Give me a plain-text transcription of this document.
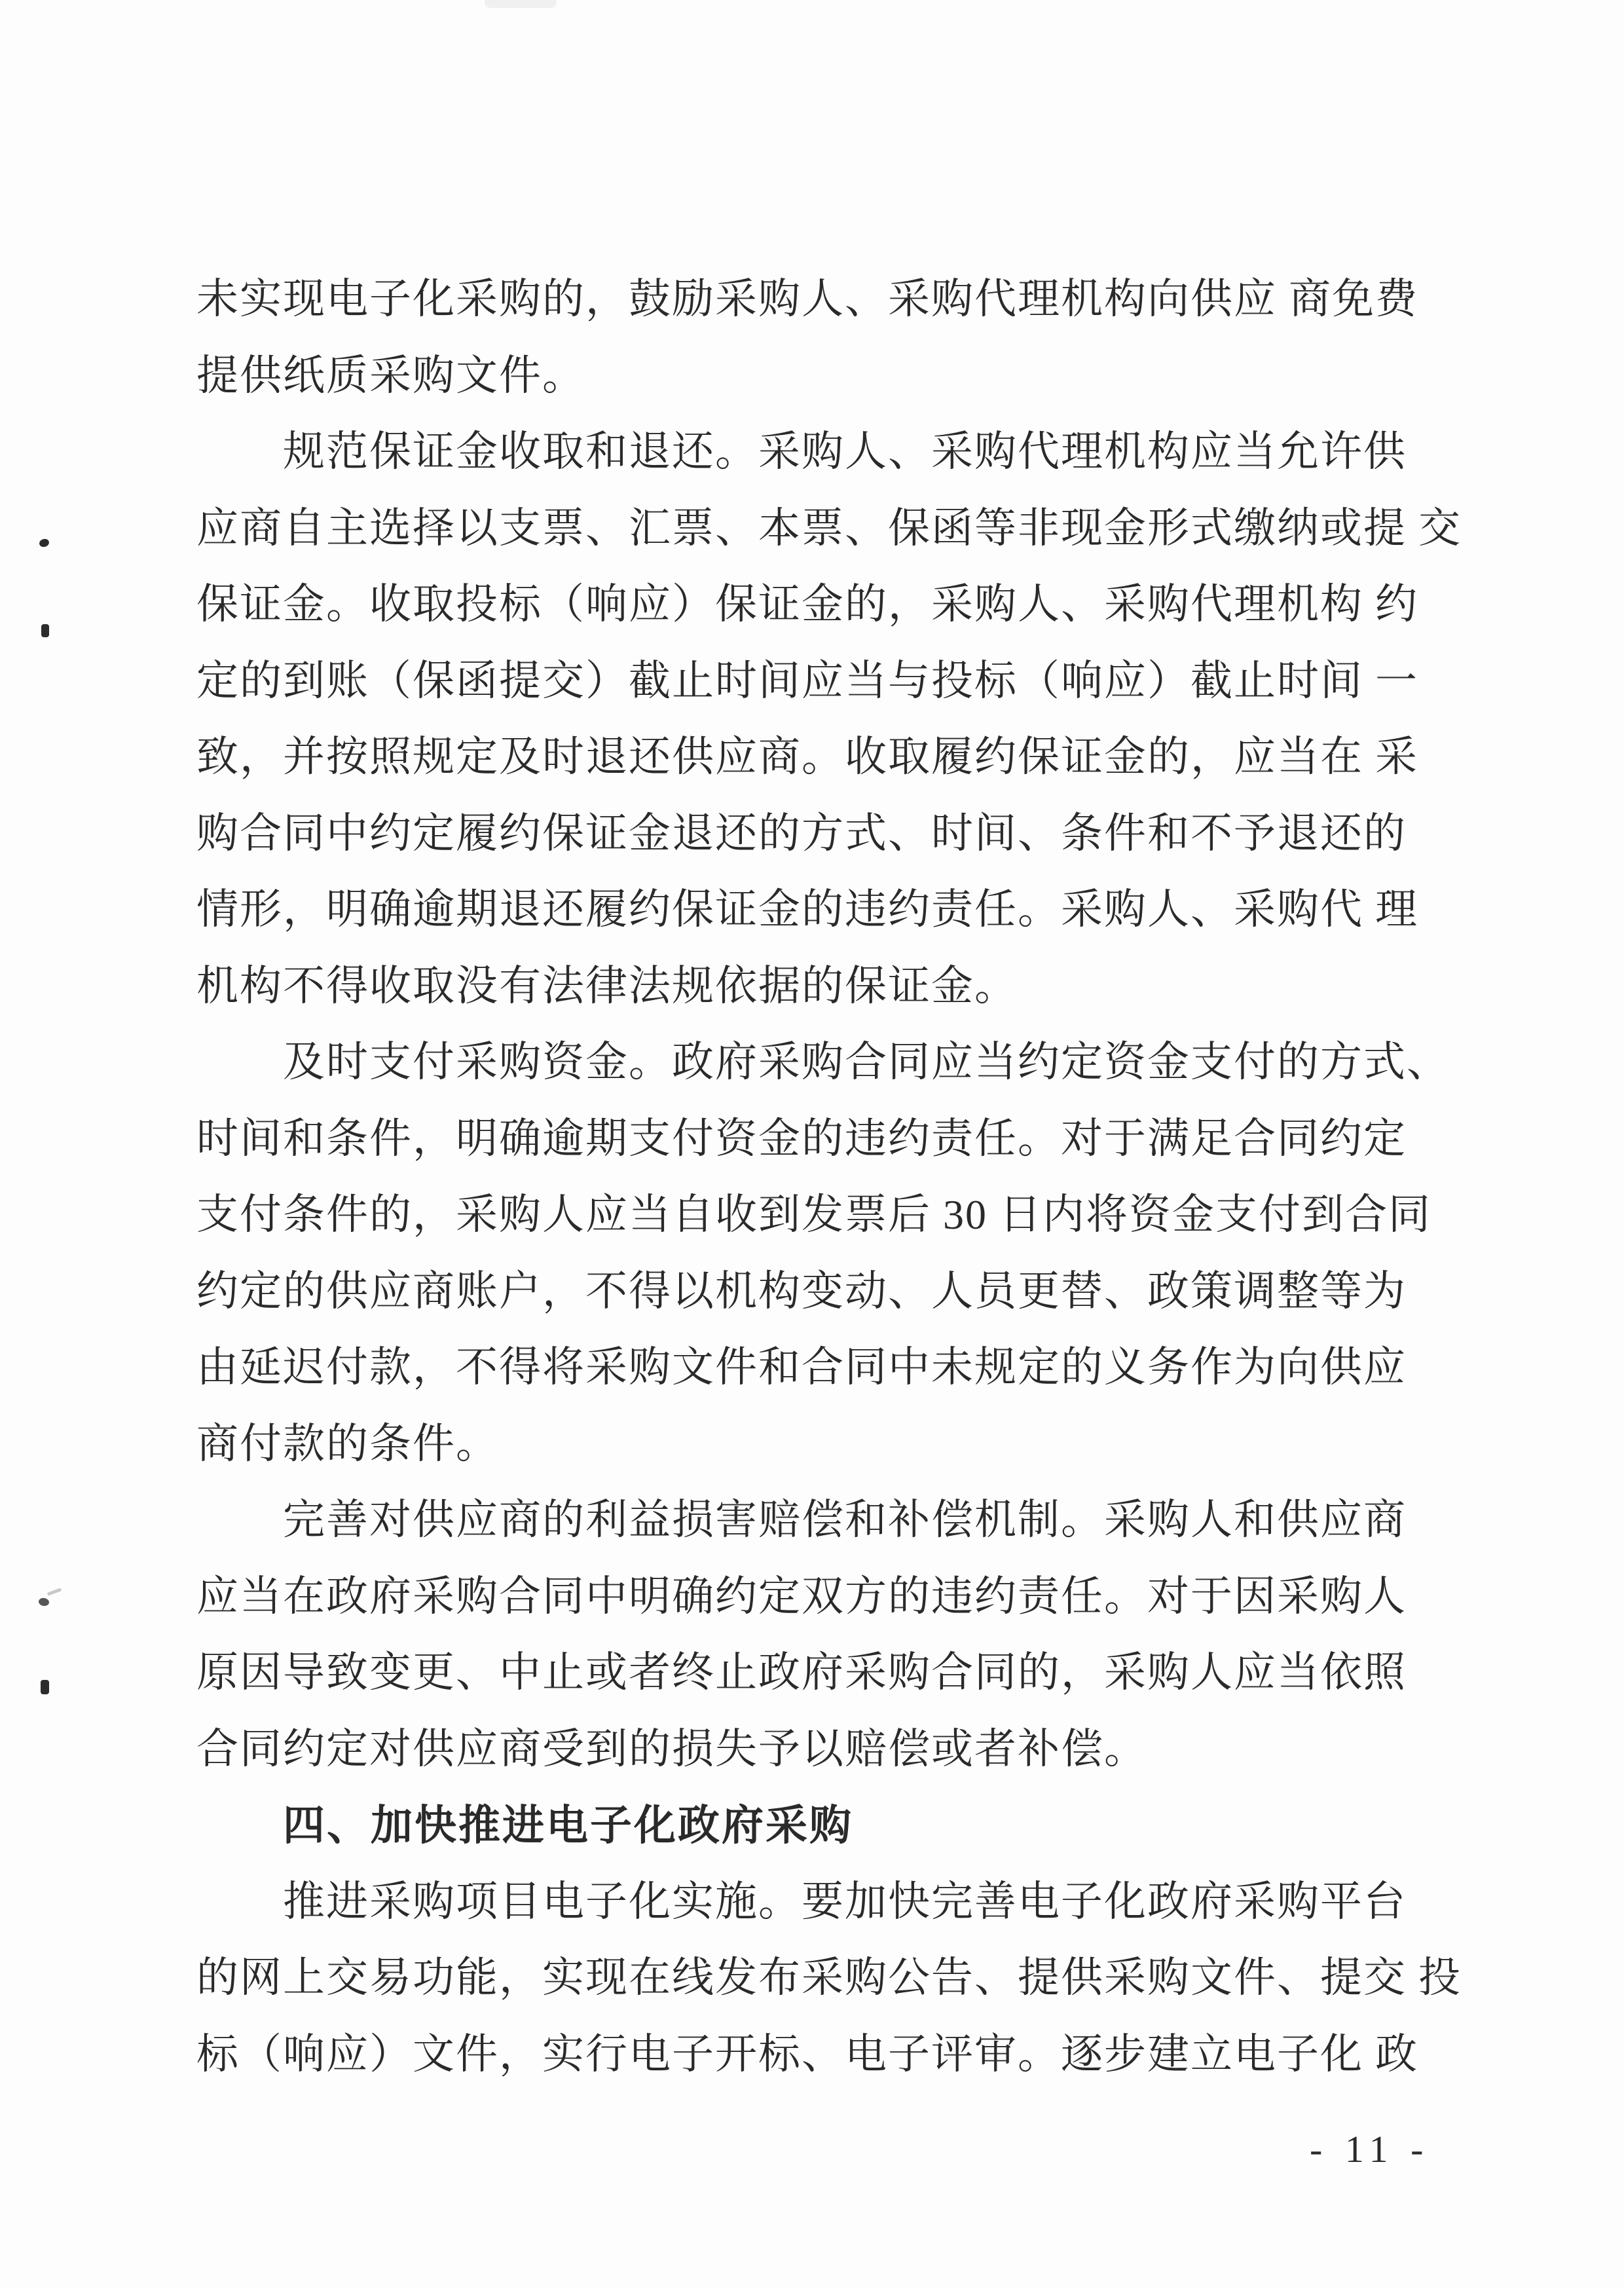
未实现电子化采购的，鼓励采购人、采购代理机构向供应 商免费
提供纸质采购文件。
规范保证金收取和退还。采购人、采购代理机构应当允许供
应商自主选择以支票、汇票、本票、保函等非现金形式缴纳或提 交
保证金。收取投标（响应）保证金的，采购人、采购代理机构 约
定的到账（保函提交）截止时间应当与投标（响应）截止时间 一
致，并按照规定及时退还供应商。收取履约保证金的，应当在 采
购合同中约定履约保证金退还的方式、时间、条件和不予退还的
情形，明确逾期退还履约保证金的违约责任。采购人、采购代 理
机构不得收取没有法律法规依据的保证金。
及时支付采购资金。政府采购合同应当约定资金支付的方式、
时间和条件，明确逾期支付资金的违约责任。对于满足合同约定
支付条件的，采购人应当自收到发票后 30 日内将资金支付到合同
约定的供应商账户，不得以机构变动、人员更替、政策调整等为
由延迟付款，不得将采购文件和合同中未规定的义务作为向供应
商付款的条件。
完善对供应商的利益损害赔偿和补偿机制。采购人和供应商
应当在政府采购合同中明确约定双方的违约责任。对于因采购人
原因导致变更、中止或者终止政府采购合同的，采购人应当依照
合同约定对供应商受到的损失予以赔偿或者补偿。
四、加快推进电子化政府采购
推进采购项目电子化实施。要加快完善电子化政府采购平台
的网上交易功能，实现在线发布采购公告、提供采购文件、提交 投
标（响应）文件，实行电子开标、电子评审。逐步建立电子化 政
- 11 -
